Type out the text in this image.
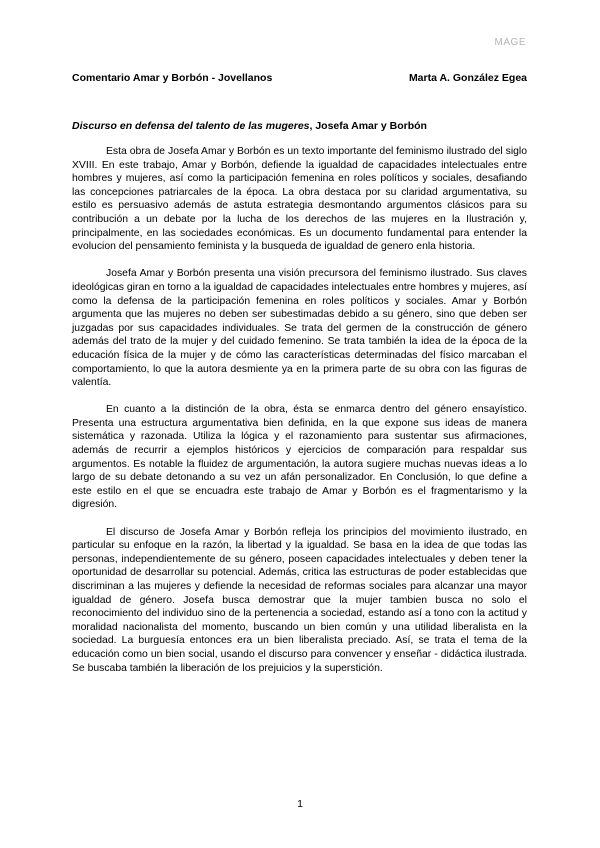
MAGE
Comentario Amar y Borbón - Jovellanos	Marta A. González Egea
Discurso en defensa del talento de las mugeres, Josefa Amar y Borbón

Esta obra de Josefa Amar y Borbón es un texto importante del feminismo ilustrado del siglo XVIII. En este trabajo, Amar y Borbón, defiende la igualdad de capacidades intelectuales entre hombres y mujeres, así como la participación femenina en roles políticos y sociales, desafiando las concepciones patriarcales de la época. La obra destaca por su claridad argumentativa, su estilo es persuasivo además de astuta estrategia desmontando argumentos clásicos para su contribución a un debate por la lucha de los derechos de las mujeres en la Ilustración y, principalmente, en las sociedades económicas. Es un documento fundamental para entender la evolucion del pensamiento feminista y la busqueda de igualdad de genero enla historia.

Josefa Amar y Borbón presenta una visión precursora del feminismo ilustrado. Sus claves ideológicas giran en torno a la igualdad de capacidades intelectuales entre hombres y mujeres, así como la defensa de la participación femenina en roles políticos y sociales. Amar y Borbón argumenta que las mujeres no deben ser subestimadas debido a su género, sino que deben ser juzgadas por sus capacidades individuales. Se trata del germen de la construcción de género además del trato de la mujer y del cuidado femenino. Se trata también la idea de la época de la educación física de la mujer y de cómo las características determinadas del físico marcaban el comportamiento, lo que la autora desmiente ya en la primera parte de su obra con las figuras de valentía.

En cuanto a la distinción de la obra, ésta se enmarca dentro del género ensayístico. Presenta una estructura argumentativa bien definida, en la que expone sus ideas de manera sistemática y razonada. Utiliza la lógica y el razonamiento para sustentar sus afirmaciones, además de recurrir a ejemplos históricos y ejercicios de comparación para respaldar sus argumentos. Es notable la fluidez de argumentación, la autora sugiere muchas nuevas ideas a lo largo de su debate detonando a su vez un afán personalizador. En Conclusión, lo que define a este estilo en el que se encuadra este trabajo de Amar y Borbón es el fragmentarismo y la digresión.

El discurso de Josefa Amar y Borbón refleja los principios del movimiento ilustrado, en particular su enfoque en la razón, la libertad y la igualdad. Se basa en la idea de que todas las personas, independientemente de su género, poseen capacidades intelectuales y deben tener la oportunidad de desarrollar su potencial. Además, critica las estructuras de poder establecidas que discriminan a las mujeres y defiende la necesidad de reformas sociales para alcanzar una mayor igualdad de género. Josefa busca demostrar que la mujer tambien busca no solo el reconocimiento del individuo sino de la pertenencia a sociedad, estando así a tono con la actitud y moralidad nacionalista del momento, buscando un bien común y una utilidad liberalista en la sociedad. La burguesía entonces era un bien liberalista preciado. Así, se trata el tema de la educación como un bien social, usando el discurso para convencer y enseñar - didáctica ilustrada. Se buscaba también la liberación de los prejuicios y la superstición.

1
